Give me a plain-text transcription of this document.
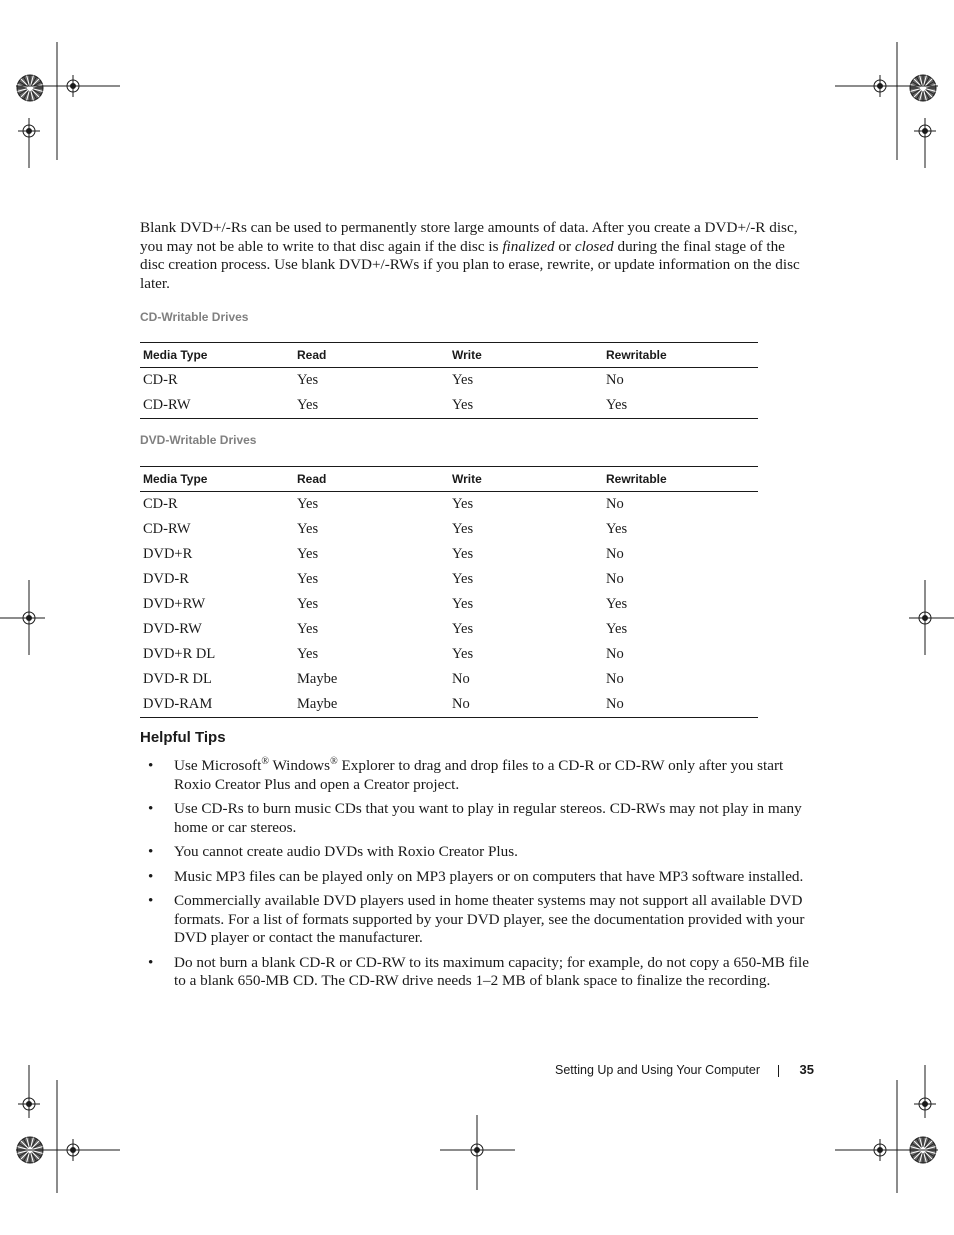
Blank DVD+/-Rs can be used to permanently store large amounts of data. After you create a DVD+/-R disc, you may not be able to write to that disc again if the disc is finalized or closed during the final stage of the disc creation process. Use blank DVD+/-RWs if you plan to erase, rewrite, or update information on the disc later.

CD-Writable Drives
Media Type	Read	Write	Rewritable
CD-R	Yes	Yes	No
CD-RW	Yes	Yes	Yes
DVD-Writable Drives
Media Type	Read	Write	Rewritable
CD-R	Yes	Yes	No
CD-RW	Yes	Yes	Yes
DVD+R	Yes	Yes	No
DVD-R	Yes	Yes	No
DVD+RW	Yes	Yes	Yes
DVD-RW	Yes	Yes	Yes
DVD+R DL	Yes	Yes	No
DVD-R DL	Maybe	No	No
DVD-RAM	Maybe	No	No
Helpful Tips
• Use Microsoft® Windows® Explorer to drag and drop files to a CD-R or CD-RW only after you start Roxio Creator Plus and open a Creator project.
• Use CD-Rs to burn music CDs that you want to play in regular stereos. CD-RWs may not play in many home or car stereos.
• You cannot create audio DVDs with Roxio Creator Plus.
• Music MP3 files can be played only on MP3 players or on computers that have MP3 software installed.
• Commercially available DVD players used in home theater systems may not support all available DVD formats. For a list of formats supported by your DVD player, see the documentation provided with your DVD player or contact the manufacturer.
• Do not burn a blank CD-R or CD-RW to its maximum capacity; for example, do not copy a 650-MB file to a blank 650-MB CD. The CD-RW drive needs 1–2 MB of blank space to finalize the recording.
Setting Up and Using Your Computer	35
